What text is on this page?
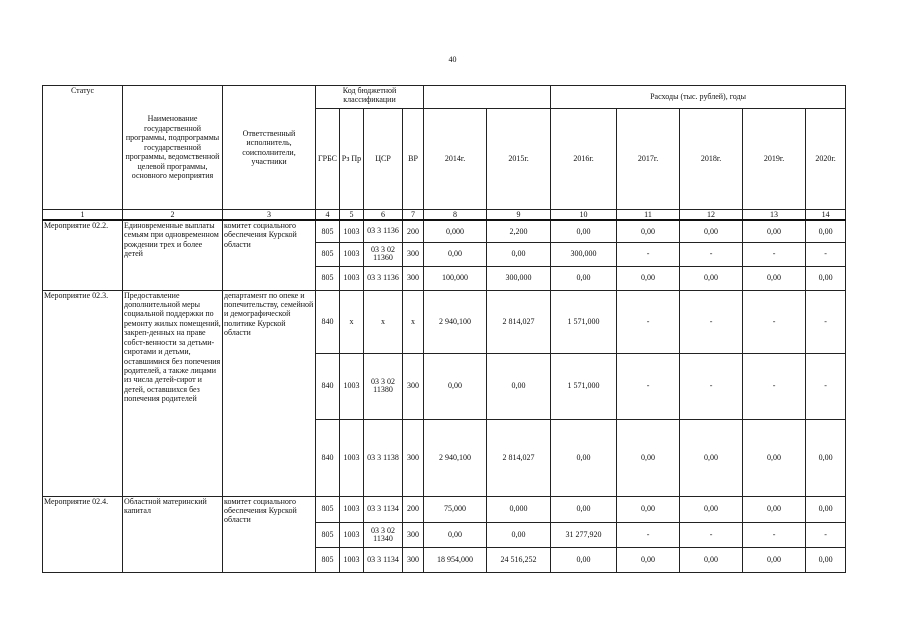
40
Статус	Наименование государственной программы, подпрограммы государственной программы, ведомственной целевой программы, основного мероприятия	Ответственный исполнитель, соисполнители, участники	Код бюджетной классификации						Расходы (тыс. рублей), годы				
			ГРБС	Рз Пр	ЦСР	ВР	2014г.	2015г.	2016г.	2017г.	2018г.	2019г.	2020г.
1	2	3	4	5	6	7	8	9	10	11	12	13	14
Мероприятие 02.2.	Единовременные выплаты семьям при одновременном рождении трех и более детей	комитет социального обеспечения Курской области	805	1003	03 3 1136	200	0,000	2,200	0,00	0,00	0,00	0,00	0,00
			805	1003	03 3 02 11360	300	0,00	0,00	300,000	-	-	-	-
			805	1003	03 3 1136	300	100,000	300,000	0,00	0,00	0,00	0,00	0,00
Мероприятие 02.3.	Предоставление дополнительной меры социальной поддержки по ремонту жилых помещений, закреп-денных на праве собст-венности за детьми-сиротами и детьми, оставшимися без попечения родителей, а также лицами из числа детей-сирот и детей, оставшихся без попечения родителей	департамент по опеке и попечительству, семейной и демографической политике Курской области	840	х	х	х	2 940,100	2 814,027	1 571,000	-	-	-	-
			840	1003	03 3 02 11380	300	0,00	0,00	1 571,000	-	-	-	-
			840	1003	03 3 1138	300	2 940,100	2 814,027	0,00	0,00	0,00	0,00	0,00
Мероприятие 02.4.	Областной материнский капитал	комитет социального обеспечения Курской области	805	1003	03 3 1134	200	75,000	0,000	0,00	0,00	0,00	0,00	0,00
			805	1003	03 3 02 11340	300	0,00	0,00	31 277,920	-	-	-	-
			805	1003	03 3 1134	300	18 954,000	24 516,252	0,00	0,00	0,00	0,00	0,00
